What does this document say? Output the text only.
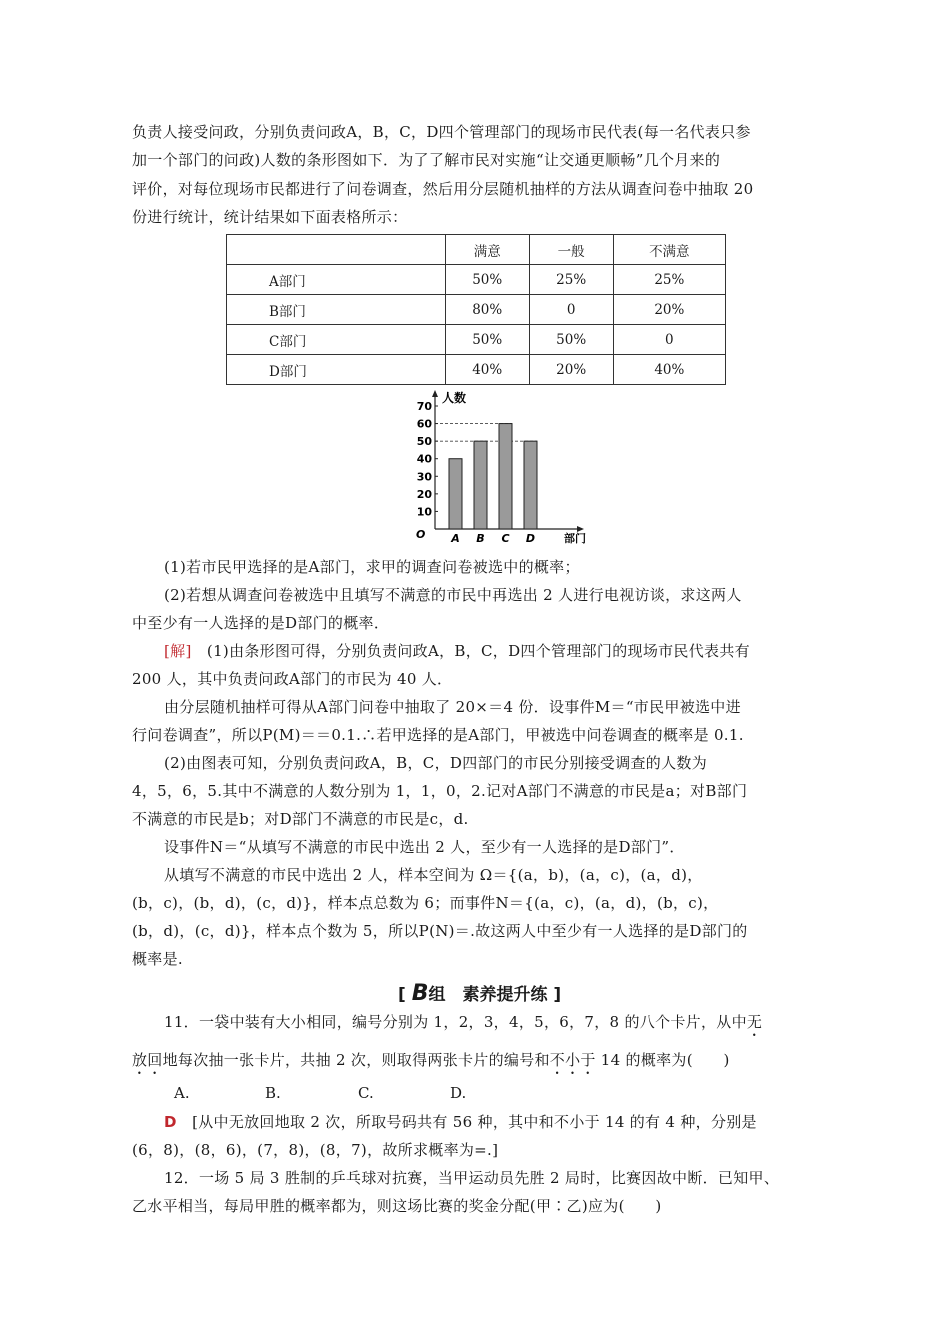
负责人接受问政，分别负责问政A，B，C，D四个管理部门的现场市民代表(每一名代表只参
加一个部门的问政)人数的条形图如下．为了了解市民对实施“让交通更顺畅”几个月来的
评价，对每位现场市民都进行了问卷调查，然后用分层随机抽样的方法从调查问卷中抽取 20
份进行统计，统计结果如下面表格所示：
	满意	一般	不满意
A部门	50%	25%	25%
B部门	80%	0	20%
C部门	50%	50%	0
D部门	40%	20%	40%
O
人数
部门
10
20
30
40
50
60
70
A B C D
(1)若市民甲选择的是A部门，求甲的调查问卷被选中的概率；
(2)若想从调查问卷被选中且填写不满意的市民中再选出 2 人进行电视访谈，求这两人
中至少有一人选择的是D部门的概率．
[解]　 (1)由条形图可得，分别负责问政A，B，C，D四个管理部门的现场市民代表共有
200 人，其中负责问政A部门的市民为 40 人．
由分层随机抽样可得从A部门问卷中抽取了 20×＝4 份．设事件M＝“市民甲被选中进
行问卷调查”，所以P(M)＝＝0.1.∴若甲选择的是A部门，甲被选中问卷调查的概率是 0.1.
(2)由图表可知，分别负责问政A，B，C，D四部门的市民分别接受调查的人数为
4，5，6，5.其中不满意的人数分别为 1，1，0，2.记对A部门不满意的市民是a；对B部门
不满意的市民是b；对D部门不满意的市民是c，d.
设事件N＝“从填写不满意的市民中选出 2 人，至少有一人选择的是D部门”．
从填写不满意的市民中选出 2 人，样本空间为 Ω＝{(a，b)，(a，c)，(a，d)，
(b，c)，(b，d)，(c，d)}，样本点总数为 6；而事件N＝{(a，c)，(a，d)，(b，c)，
(b，d)，(c，d)}，样本点个数为 5，所以P(N)＝.故这两人中至少有一人选择的是D部门的
概率是.
[ B组　素养提升练 ]
11．一袋中装有大小相同，编号分别为 1，2，3，4，5，6，7，8 的八个卡片，从中无
放回地每次抽一张卡片，共抽 2 次，则取得两张卡片的编号和不小于 14 的概率为(　　)
A.	B.	C.	D.
D　 [从中无放回地取 2 次，所取号码共有 56 种，其中和不小于 14 的有 4 种，分别是
(6，8)，(8，6)，(7，8)，(8，7)，故所求概率为=.]
12．一场 5 局 3 胜制的乒乓球对抗赛，当甲运动员先胜 2 局时，比赛因故中断．已知甲、
乙水平相当，每局甲胜的概率都为，则这场比赛的奖金分配(甲∶乙)应为(　　)
